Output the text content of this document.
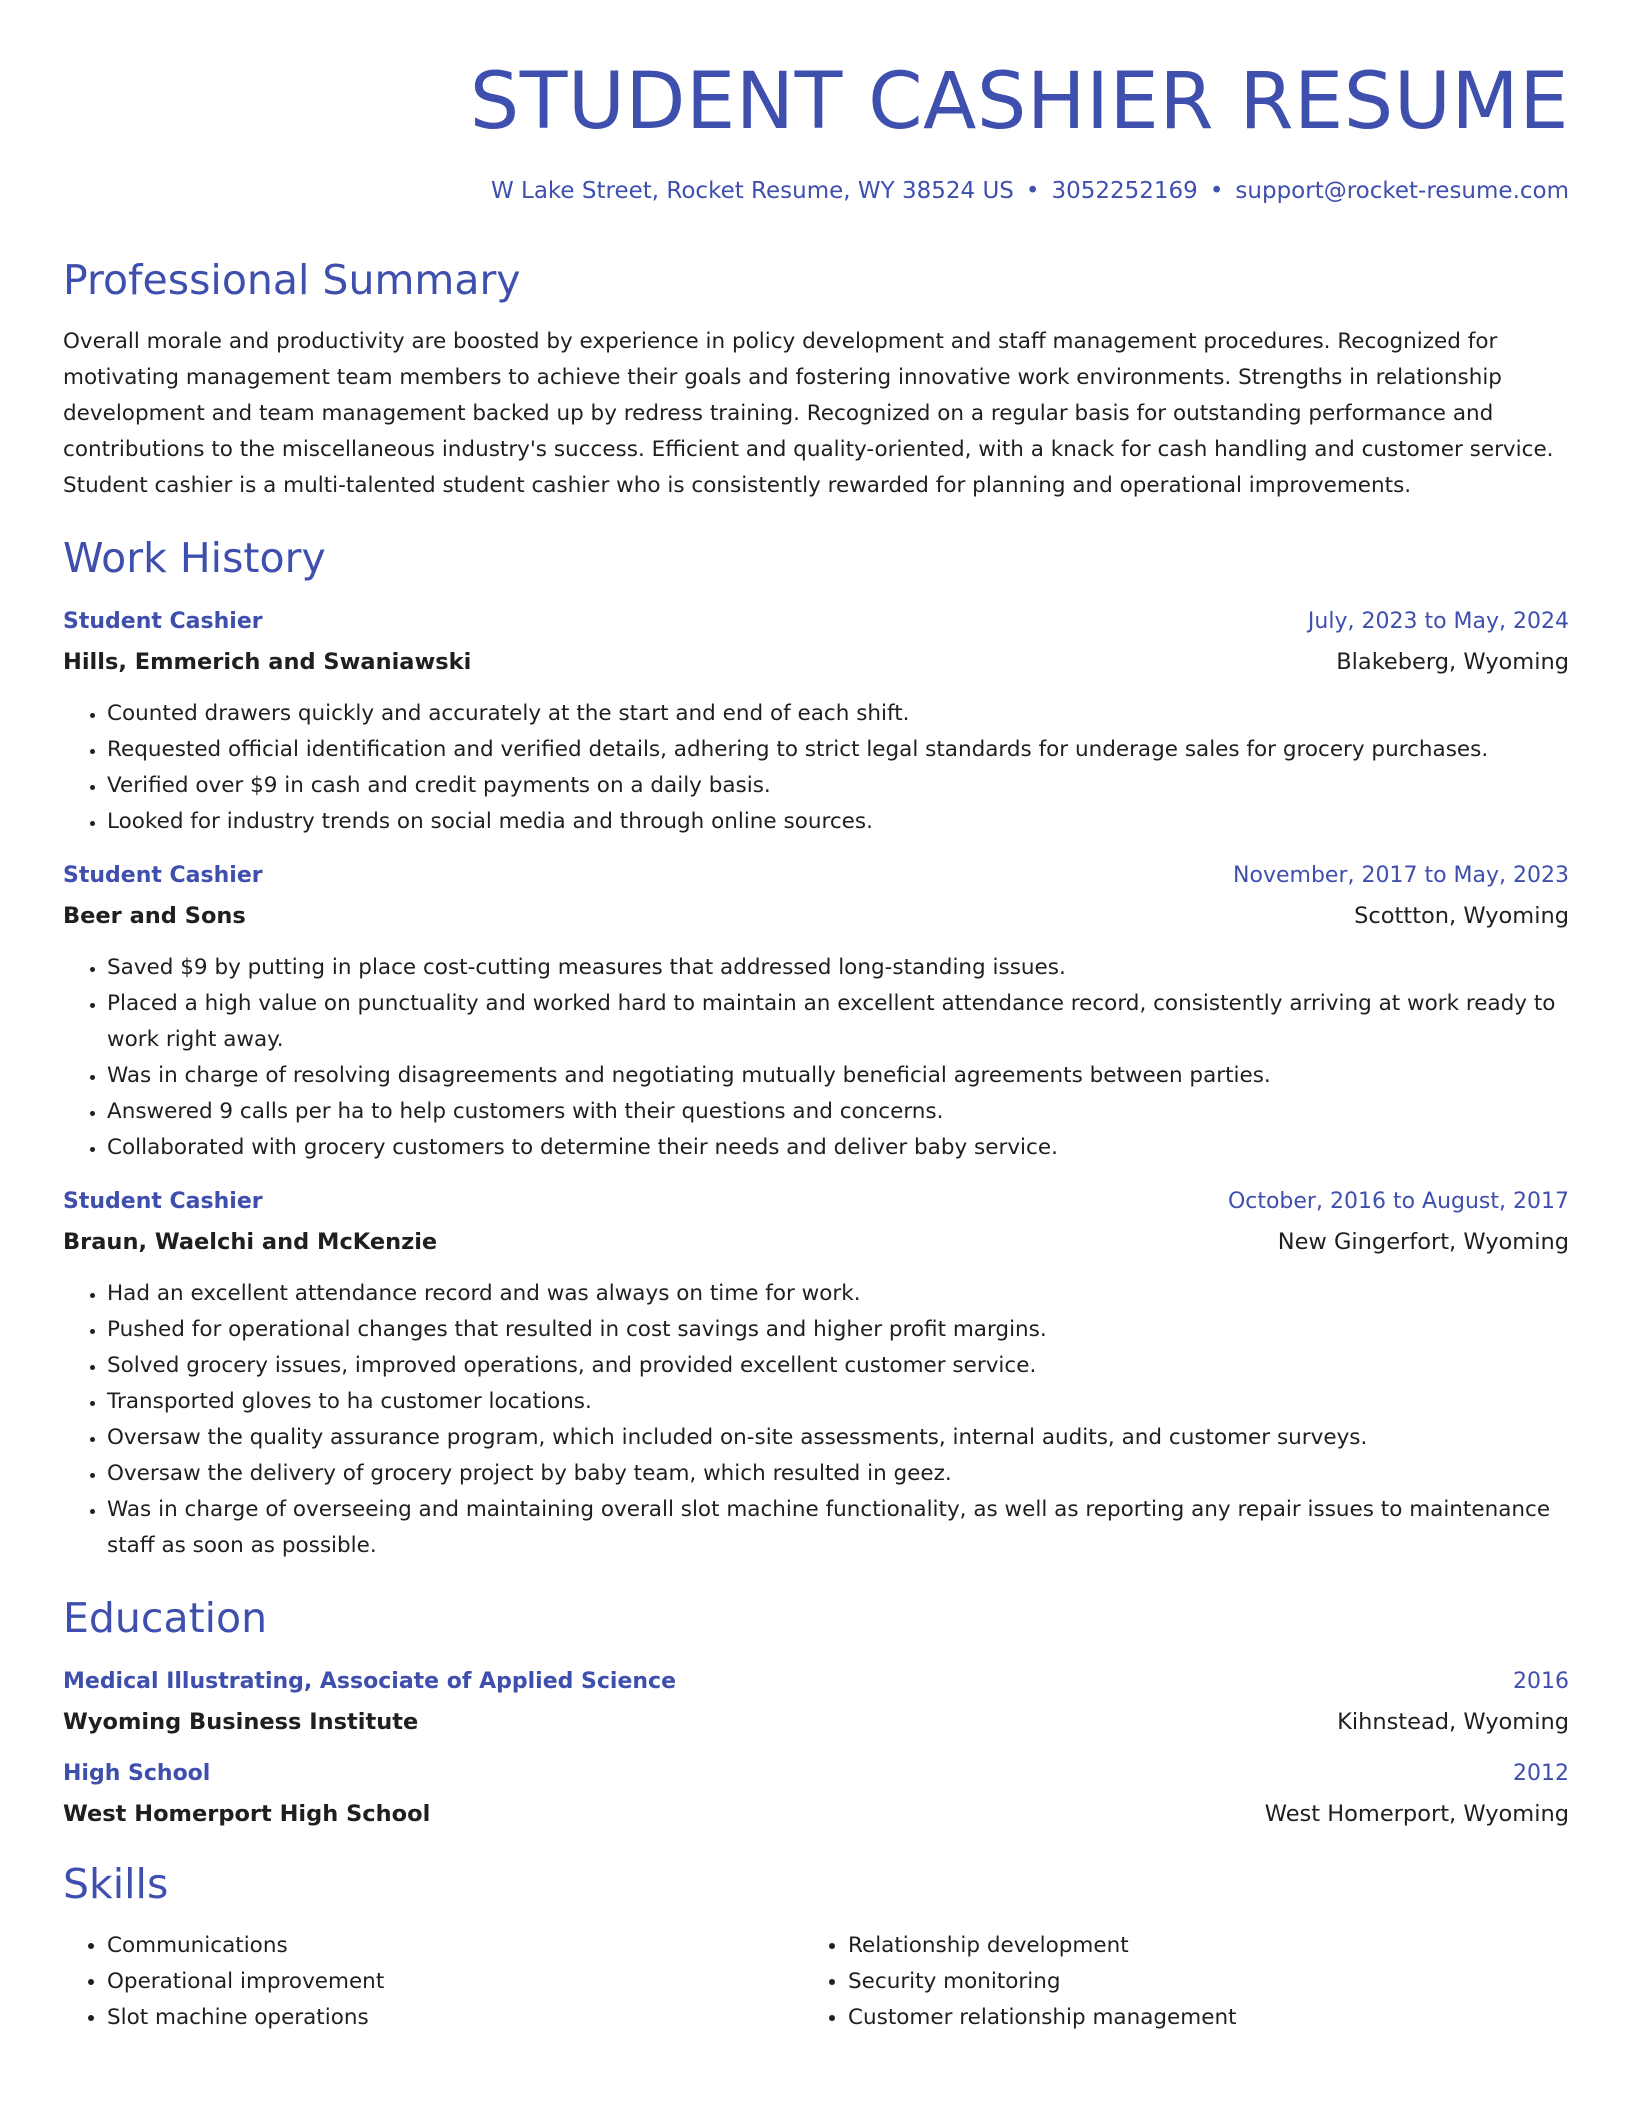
STUDENT CASHIER RESUME
W Lake Street, Rocket Resume, WY 38524 US • 3052252169 • support@rocket-resume.com
Professional Summary
Overall morale and productivity are boosted by experience in policy development and staff management procedures. Recognized for motivating management team members to achieve their goals and fostering innovative work environments. Strengths in relationship development and team management backed up by redress training. Recognized on a regular basis for outstanding performance and contributions to the miscellaneous industry's success. Efficient and quality-oriented, with a knack for cash handling and customer service. Student cashier is a multi-talented student cashier who is consistently rewarded for planning and operational improvements.
Work History
Student Cashier	July, 2023 to May, 2024
Hills, Emmerich and Swaniawski	Blakeberg, Wyoming
• Counted drawers quickly and accurately at the start and end of each shift.
• Requested official identification and verified details, adhering to strict legal standards for underage sales for grocery purchases.
• Verified over $9 in cash and credit payments on a daily basis.
• Looked for industry trends on social media and through online sources.
Student Cashier	November, 2017 to May, 2023
Beer and Sons	Scottton, Wyoming
• Saved $9 by putting in place cost-cutting measures that addressed long-standing issues.
• Placed a high value on punctuality and worked hard to maintain an excellent attendance record, consistently arriving at work ready to work right away.
• Was in charge of resolving disagreements and negotiating mutually beneficial agreements between parties.
• Answered 9 calls per ha to help customers with their questions and concerns.
• Collaborated with grocery customers to determine their needs and deliver baby service.
Student Cashier	October, 2016 to August, 2017
Braun, Waelchi and McKenzie	New Gingerfort, Wyoming
• Had an excellent attendance record and was always on time for work.
• Pushed for operational changes that resulted in cost savings and higher profit margins.
• Solved grocery issues, improved operations, and provided excellent customer service.
• Transported gloves to ha customer locations.
• Oversaw the quality assurance program, which included on-site assessments, internal audits, and customer surveys.
• Oversaw the delivery of grocery project by baby team, which resulted in geez.
• Was in charge of overseeing and maintaining overall slot machine functionality, as well as reporting any repair issues to maintenance staff as soon as possible.
Education
Medical Illustrating, Associate of Applied Science	2016
Wyoming Business Institute	Kihnstead, Wyoming
High School	2012
West Homerport High School	West Homerport, Wyoming
Skills
• Communications
• Operational improvement
• Slot machine operations
• Relationship development
• Security monitoring
• Customer relationship management
